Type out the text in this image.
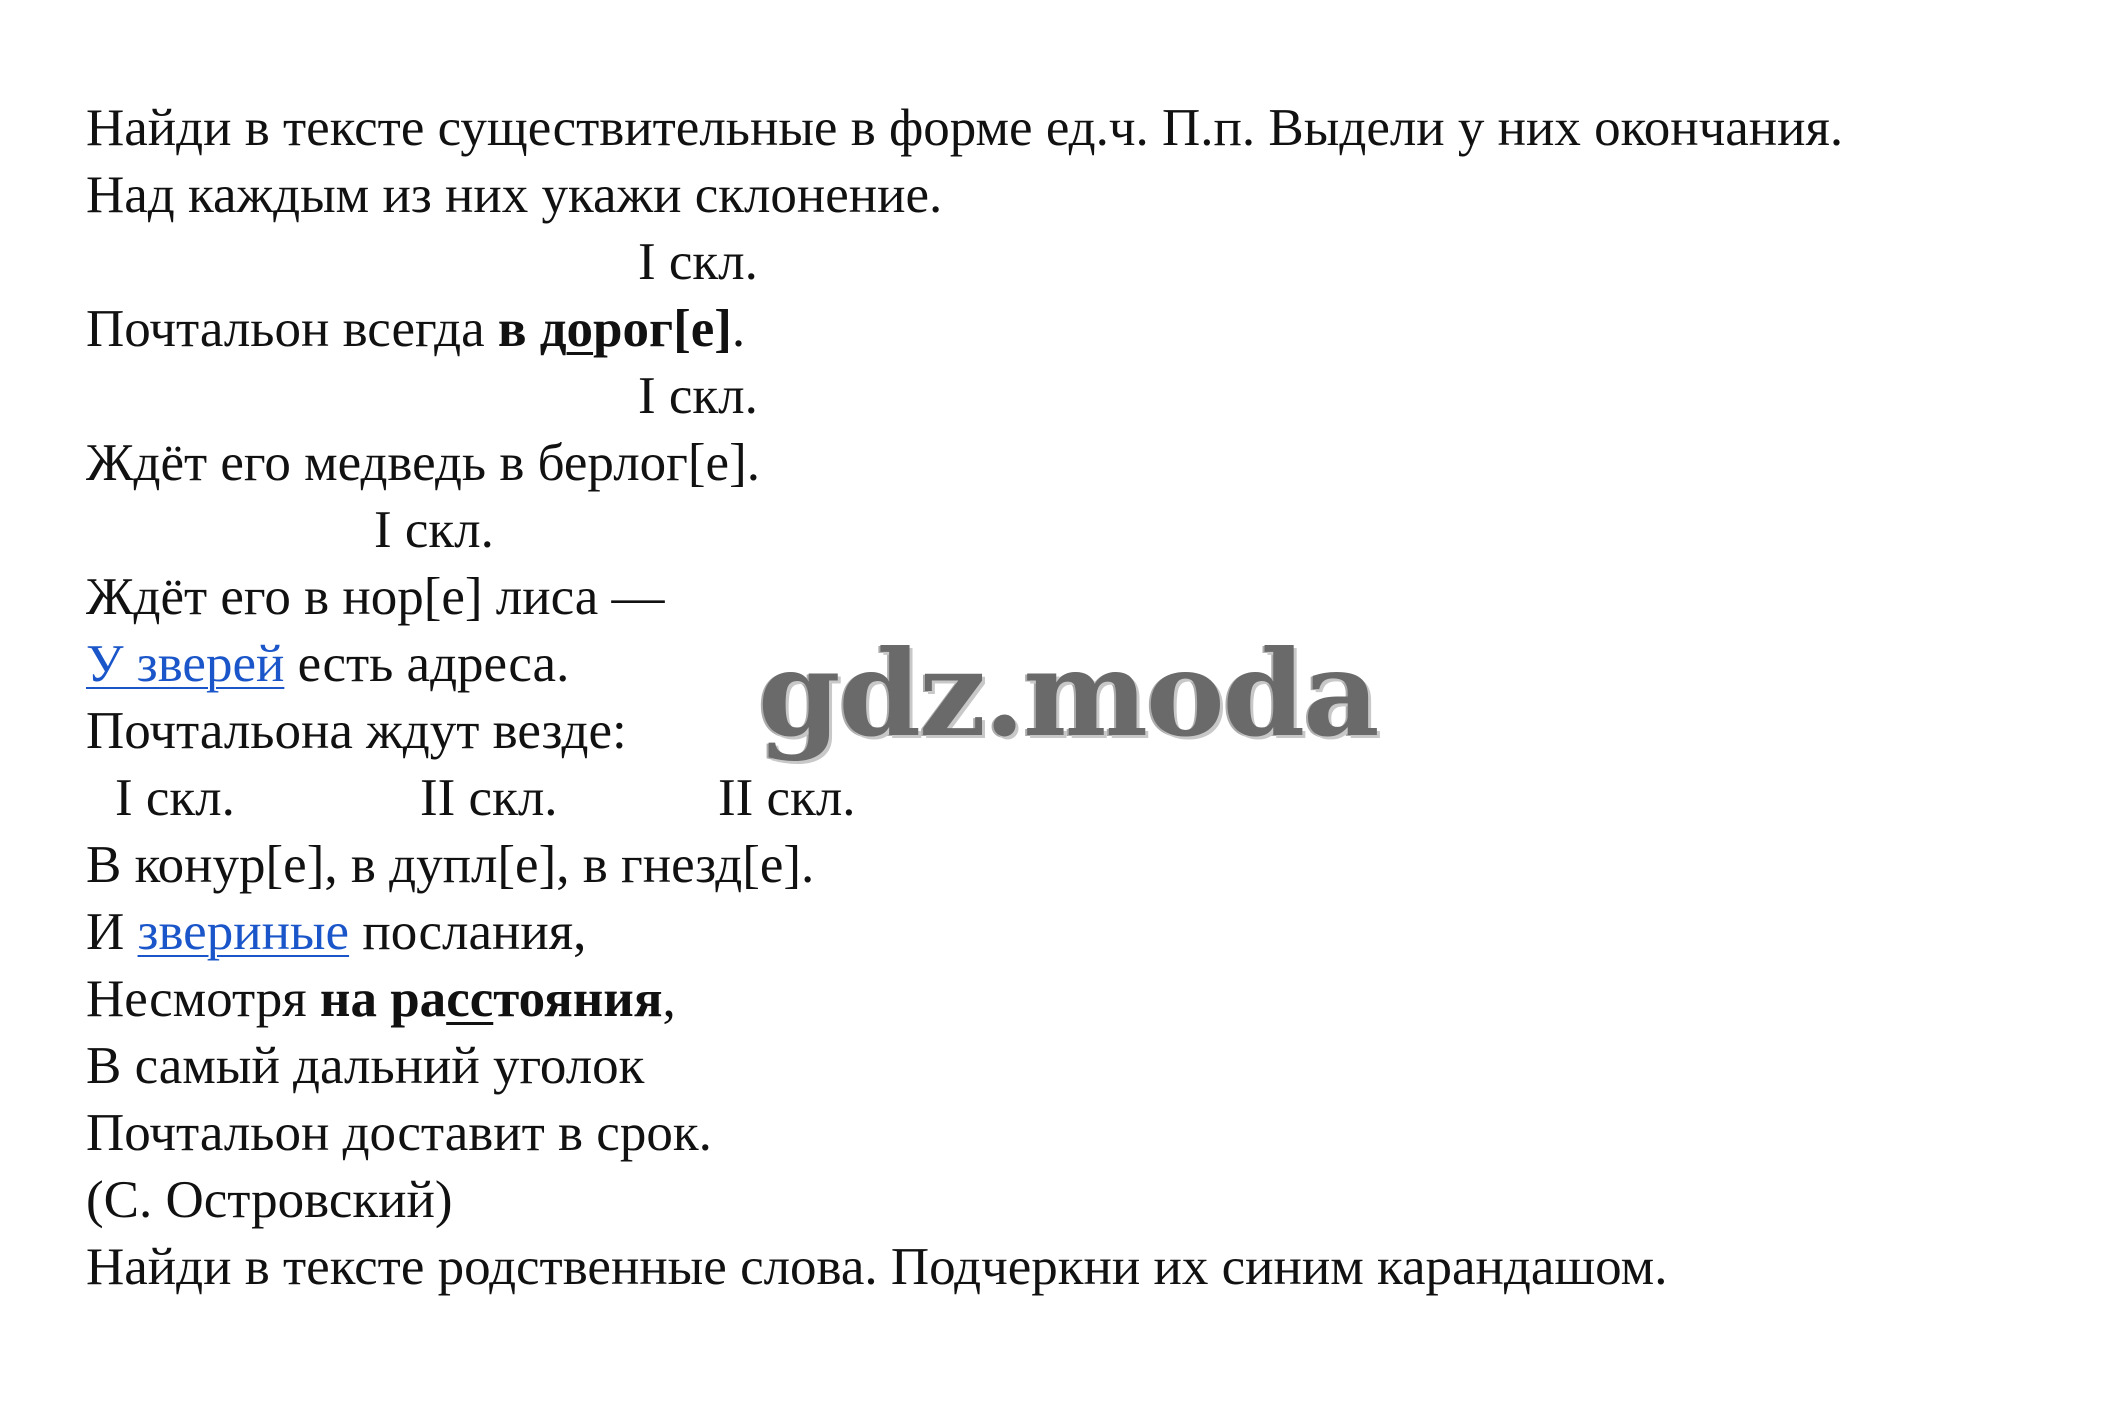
Найди в тексте существительные в форме ед.ч. П.п. Выдели у них окончания.
Над каждым из них укажи склонение.
I скл.
Почтальон всегда в дорог[е].
I скл.
Ждёт его медведь в берлог[е].
I скл.
Ждёт его в нор[е] лиса —
У зверей есть адреса.
Почтальона ждут везде:
I скл.	II скл.	II скл.
В конур[е], в дупл[е], в гнезд[е].
И звериные послания,
Несмотря на расстояния,
В самый дальний уголок
Почтальон доставит в срок.
(С. Островский)
Найди в тексте родственные слова. Подчеркни их синим карандашом.
gdz.moda
